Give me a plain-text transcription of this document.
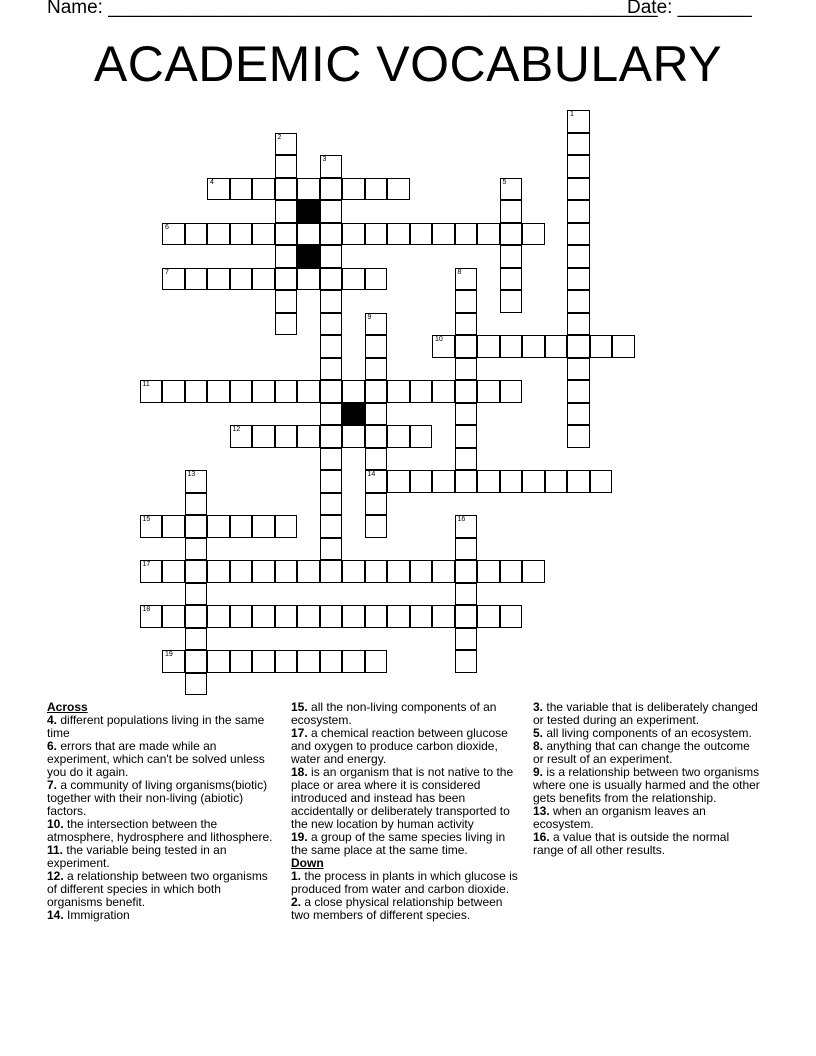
Name: ____________________________________________________
Date: _______
ACADEMIC VOCABULARY
4
6
7
10
11
12
14
15
17
18
19
1
2
3
5
8
9
13
16

Across

4. different populations living in the same time

6. errors that are made while an experiment, which can't be solved unless you do it again.

7. a community of living organisms(biotic) together with their non-living (abiotic) factors.

10. the intersection between the atmosphere, hydrosphere and lithosphere.

11. the variable being tested in an experiment.

12. a relationship between two organisms of different species in which both organisms benefit.

14. Immigration

15. all the non-living components of an ecosystem.

17. a chemical reaction between glucose and oxygen to produce carbon dioxide, water and energy.

18. is an organism that is not native to the place or area where it is considered introduced and instead has been accidentally or deliberately transported to the new location by human activity

19. a group of the same species living in the same place at the same time.

Down

1. the process in plants in which glucose is produced from water and carbon dioxide.

2. a close physical relationship between two members of different species.

3. the variable that is deliberately changed or tested during an experiment.

5. all living components of an ecosystem.

8. anything that can change the outcome or result of an experiment.

9. is a relationship between two organisms where one is usually harmed and the other gets benefits from the relationship.

13. when an organism leaves an ecosystem.

16. a value that is outside the normal range of all other results.
